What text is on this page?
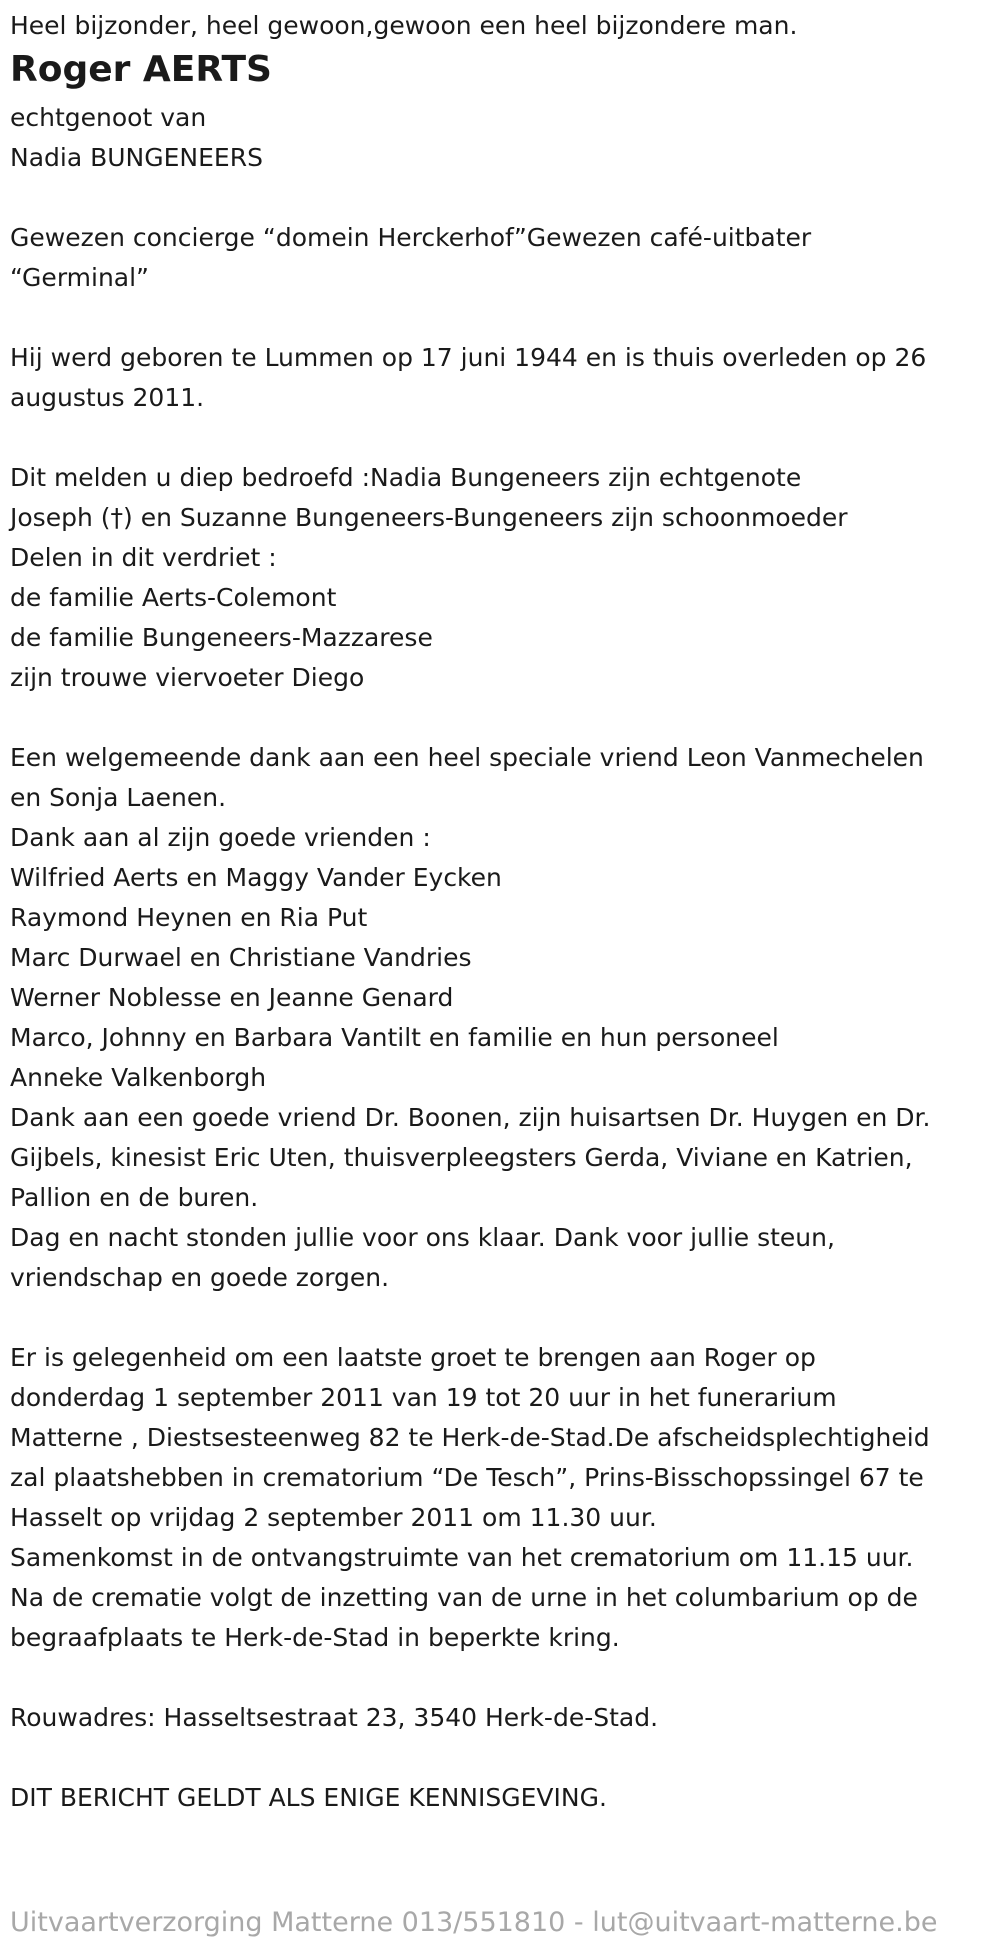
Heel bijzonder, heel gewoon,gewoon een heel bijzondere man.
Roger AERTS
echtgenoot van
Nadia BUNGENEERS
Gewezen concierge “domein Herckerhof”Gewezen café-uitbater
“Germinal”
Hij werd geboren te Lummen op 17 juni 1944 en is thuis overleden op 26
augustus 2011.
Dit melden u diep bedroefd :Nadia Bungeneers zijn echtgenote
Joseph (†) en Suzanne Bungeneers-Bungeneers zijn schoonmoeder
Delen in dit verdriet :
de familie Aerts-Colemont
de familie Bungeneers-Mazzarese
zijn trouwe viervoeter Diego
Een welgemeende dank aan een heel speciale vriend Leon Vanmechelen
en Sonja Laenen.
Dank aan al zijn goede vrienden :
Wilfried Aerts en Maggy Vander Eycken
Raymond Heynen en Ria Put
Marc Durwael en Christiane Vandries
Werner Noblesse en Jeanne Genard
Marco, Johnny en Barbara Vantilt en familie en hun personeel
Anneke Valkenborgh
Dank aan een goede vriend Dr. Boonen, zijn huisartsen Dr. Huygen en Dr.
Gijbels, kinesist Eric Uten, thuisverpleegsters Gerda, Viviane en Katrien,
Pallion en de buren.
Dag en nacht stonden jullie voor ons klaar. Dank voor jullie steun,
vriendschap en goede zorgen.
Er is gelegenheid om een laatste groet te brengen aan Roger op
donderdag 1 september 2011 van 19 tot 20 uur in het funerarium
Matterne , Diestsesteenweg 82 te Herk-de-Stad.De afscheidsplechtigheid
zal plaatshebben in crematorium “De Tesch”, Prins-Bisschopssingel 67 te
Hasselt op vrijdag 2 september 2011 om 11.30 uur.
Samenkomst in de ontvangstruimte van het crematorium om 11.15 uur.
Na de crematie volgt de inzetting van de urne in het columbarium op de
begraafplaats te Herk-de-Stad in beperkte kring.
Rouwadres: Hasseltsestraat 23, 3540 Herk-de-Stad.
DIT BERICHT GELDT ALS ENIGE KENNISGEVING.
Uitvaartverzorging Matterne 013/551810 - lut@uitvaart-matterne.be
